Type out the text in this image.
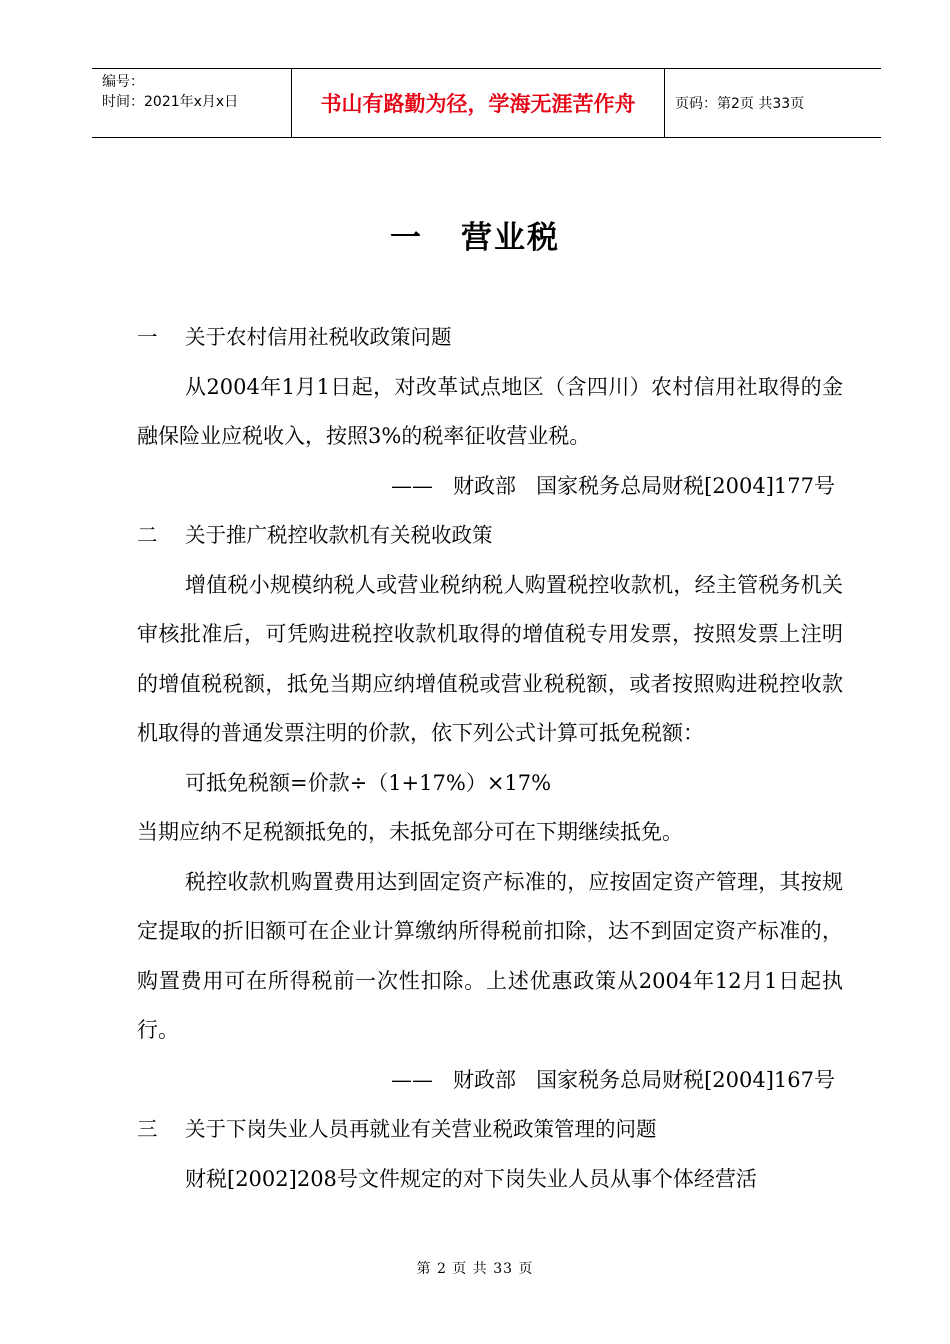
编号：
时间：2021年x月x日	书山有路勤为径，学海无涯苦作舟	页码：第2页 共33页
一 营业税
一 关于农村信用社税收政策问题

从2004年1月1日起，对改革试点地区（含四川）农村信用社取得的金融保险业应税收入，按照3%的税率征收营业税。

——   财政部   国家税务总局财税[2004]177号
二 关于推广税控收款机有关税收政策

增值税小规模纳税人或营业税纳税人购置税控收款机，经主管税务机关审核批准后，可凭购进税控收款机取得的增值税专用发票，按照发票上注明的增值税税额，抵免当期应纳增值税或营业税税额，或者按照购进税控收款机取得的普通发票注明的价款，依下列公式计算可抵免税额：

可抵免税额=价款÷（1+17%）×17%

当期应纳不足税额抵免的，未抵免部分可在下期继续抵免。

税控收款机购置费用达到固定资产标准的，应按固定资产管理，其按规定提取的折旧额可在企业计算缴纳所得税前扣除，达不到固定资产标准的，购置费用可在所得税前一次性扣除。上述优惠政策从2004年12月1日起执行。

——   财政部   国家税务总局财税[2004]167号
三 关于下岗失业人员再就业有关营业税政策管理的问题

财税[2002]208号文件规定的对下岗失业人员从事个体经营活

第 2 页 共 33 页
